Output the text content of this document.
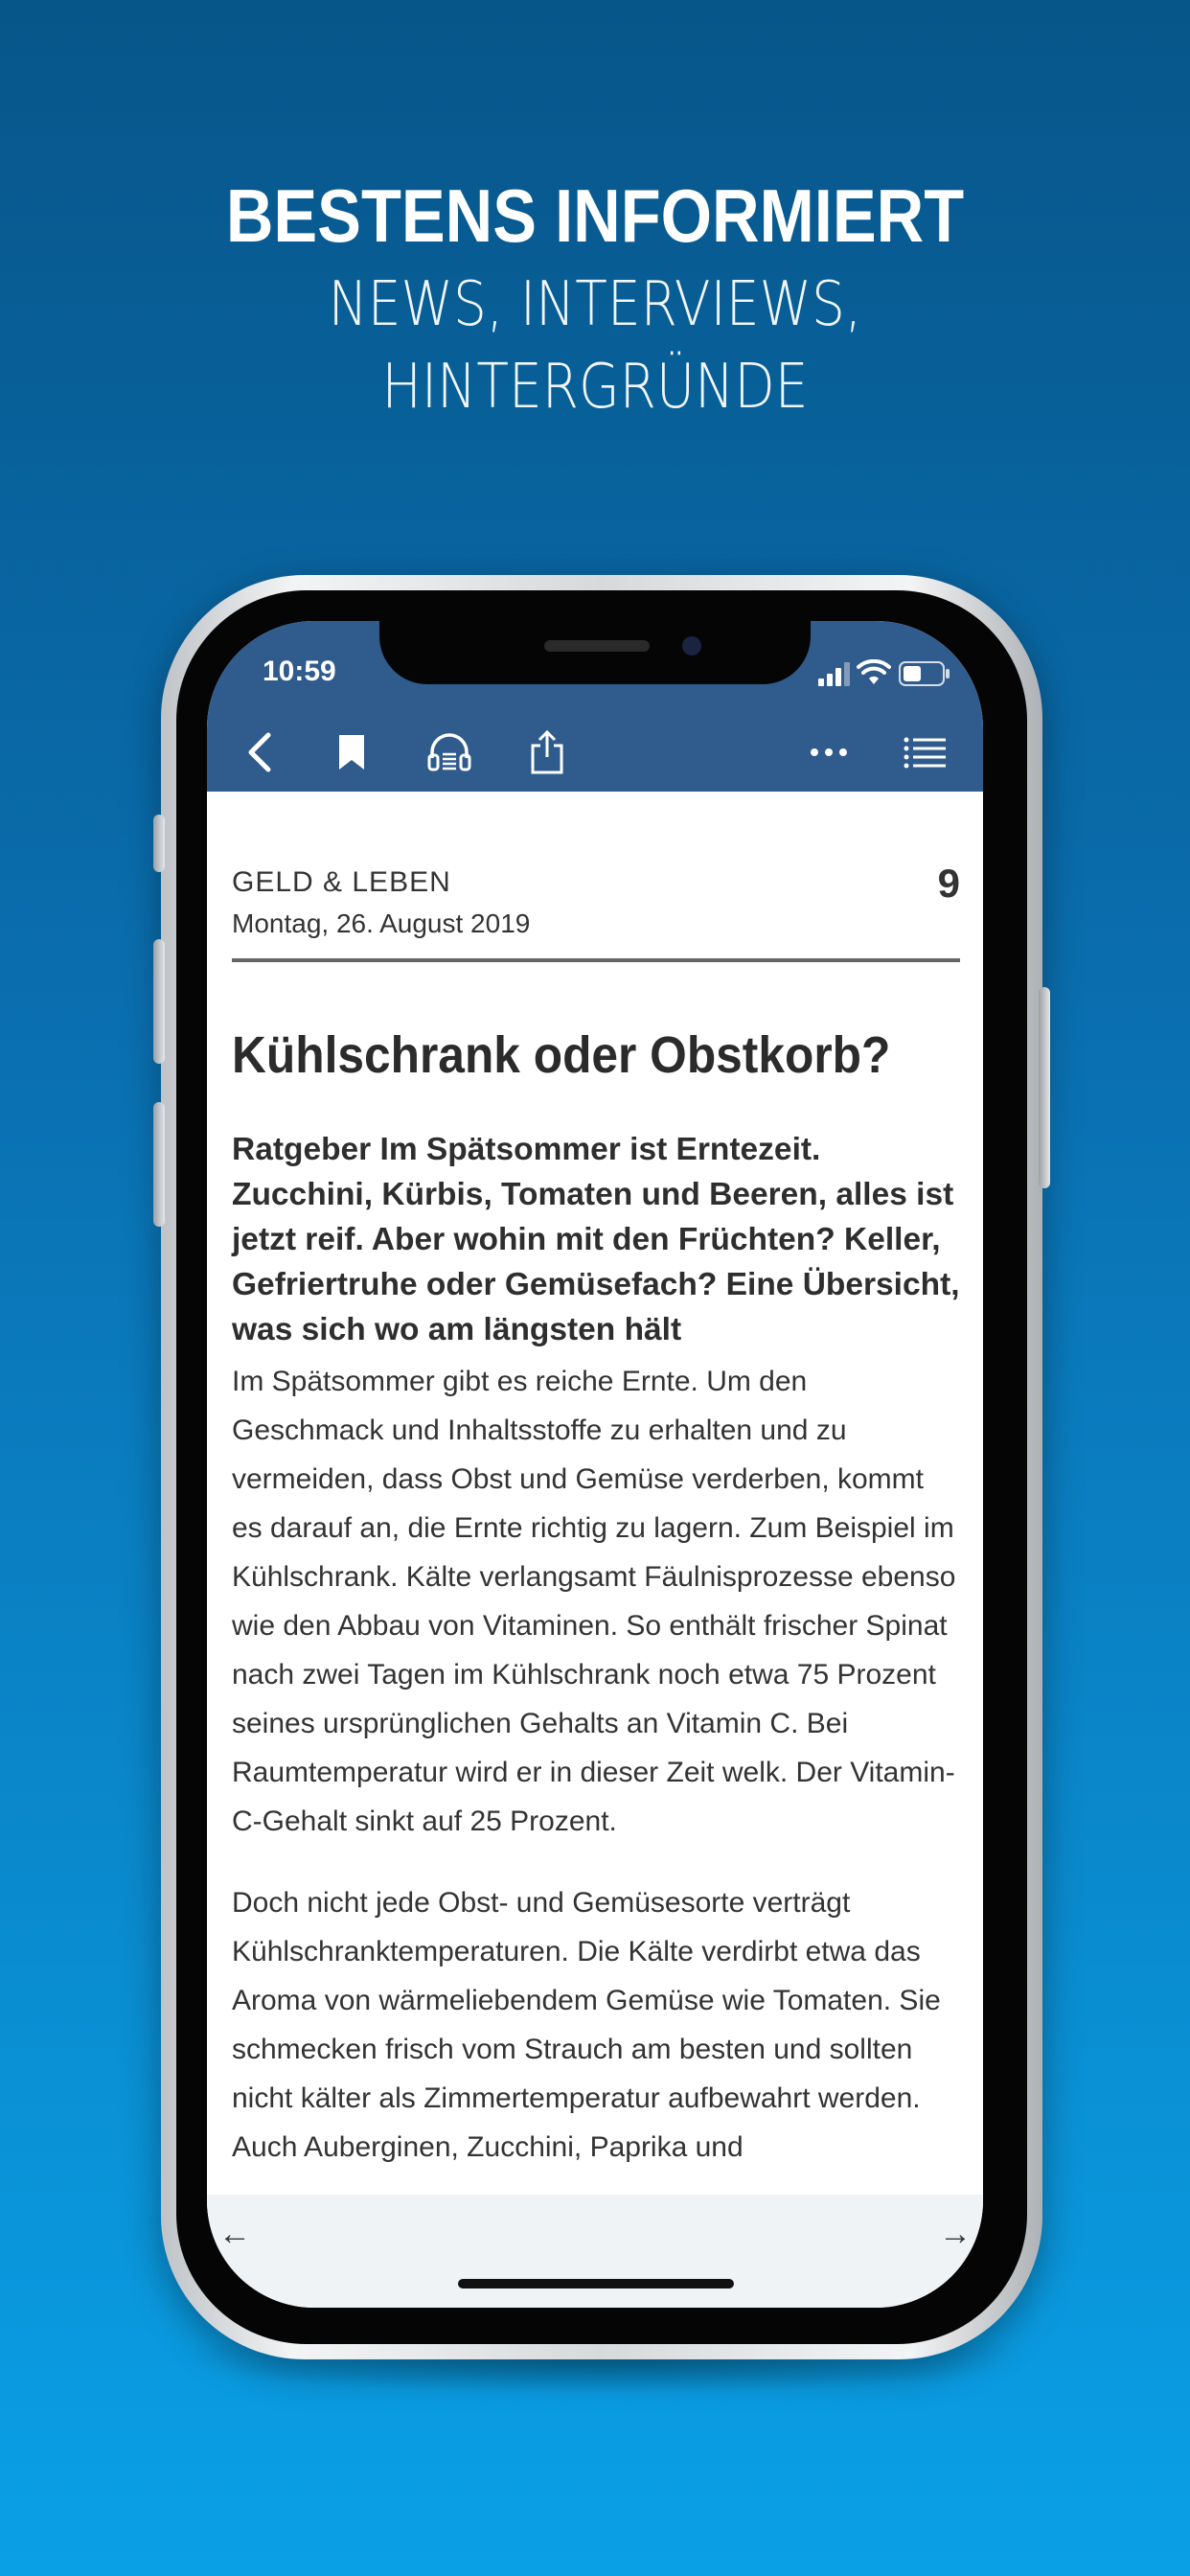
BESTENS INFORMIERT
NEWS, INTERVIEWS,
HINTERGRÜNDE
10:59
GELD & LEBEN
Montag, 26. August 2019
9
Kühlschrank oder Obstkorb?
Ratgeber Im Spätsommer ist Erntezeit. Zucchini, Kürbis, Tomaten und Beeren, alles ist jetzt reif. Aber wohin mit den Früchten? Keller, Gefriertruhe oder Gemüsefach? Eine Übersicht, was sich wo am längsten hält
Im Spätsommer gibt es reiche Ernte. Um den Geschmack und Inhaltsstoffe zu erhalten und zu vermeiden, dass Obst und Gemüse verderben, kommt es darauf an, die Ernte richtig zu lagern. Zum Beispiel im Kühlschrank. Kälte verlangsamt Fäulnisprozesse ebenso wie den Abbau von Vitaminen. So enthält frischer Spinat nach zwei Tagen im Kühlschrank noch etwa 75 Prozent seines ursprünglichen Gehalts an Vitamin C. Bei Raumtemperatur wird er in dieser Zeit welk. Der Vitamin-C-Gehalt sinkt auf 25 Prozent.
Doch nicht jede Obst- und Gemüsesorte verträgt Kühlschranktemperaturen. Die Kälte verdirbt etwa das Aroma von wärmeliebendem Gemüse wie Tomaten. Sie schmecken frisch vom Strauch am besten und sollten nicht kälter als Zimmertemperatur aufbewahrt werden. Auch Auberginen, Zucchini, Paprika und
←	→
